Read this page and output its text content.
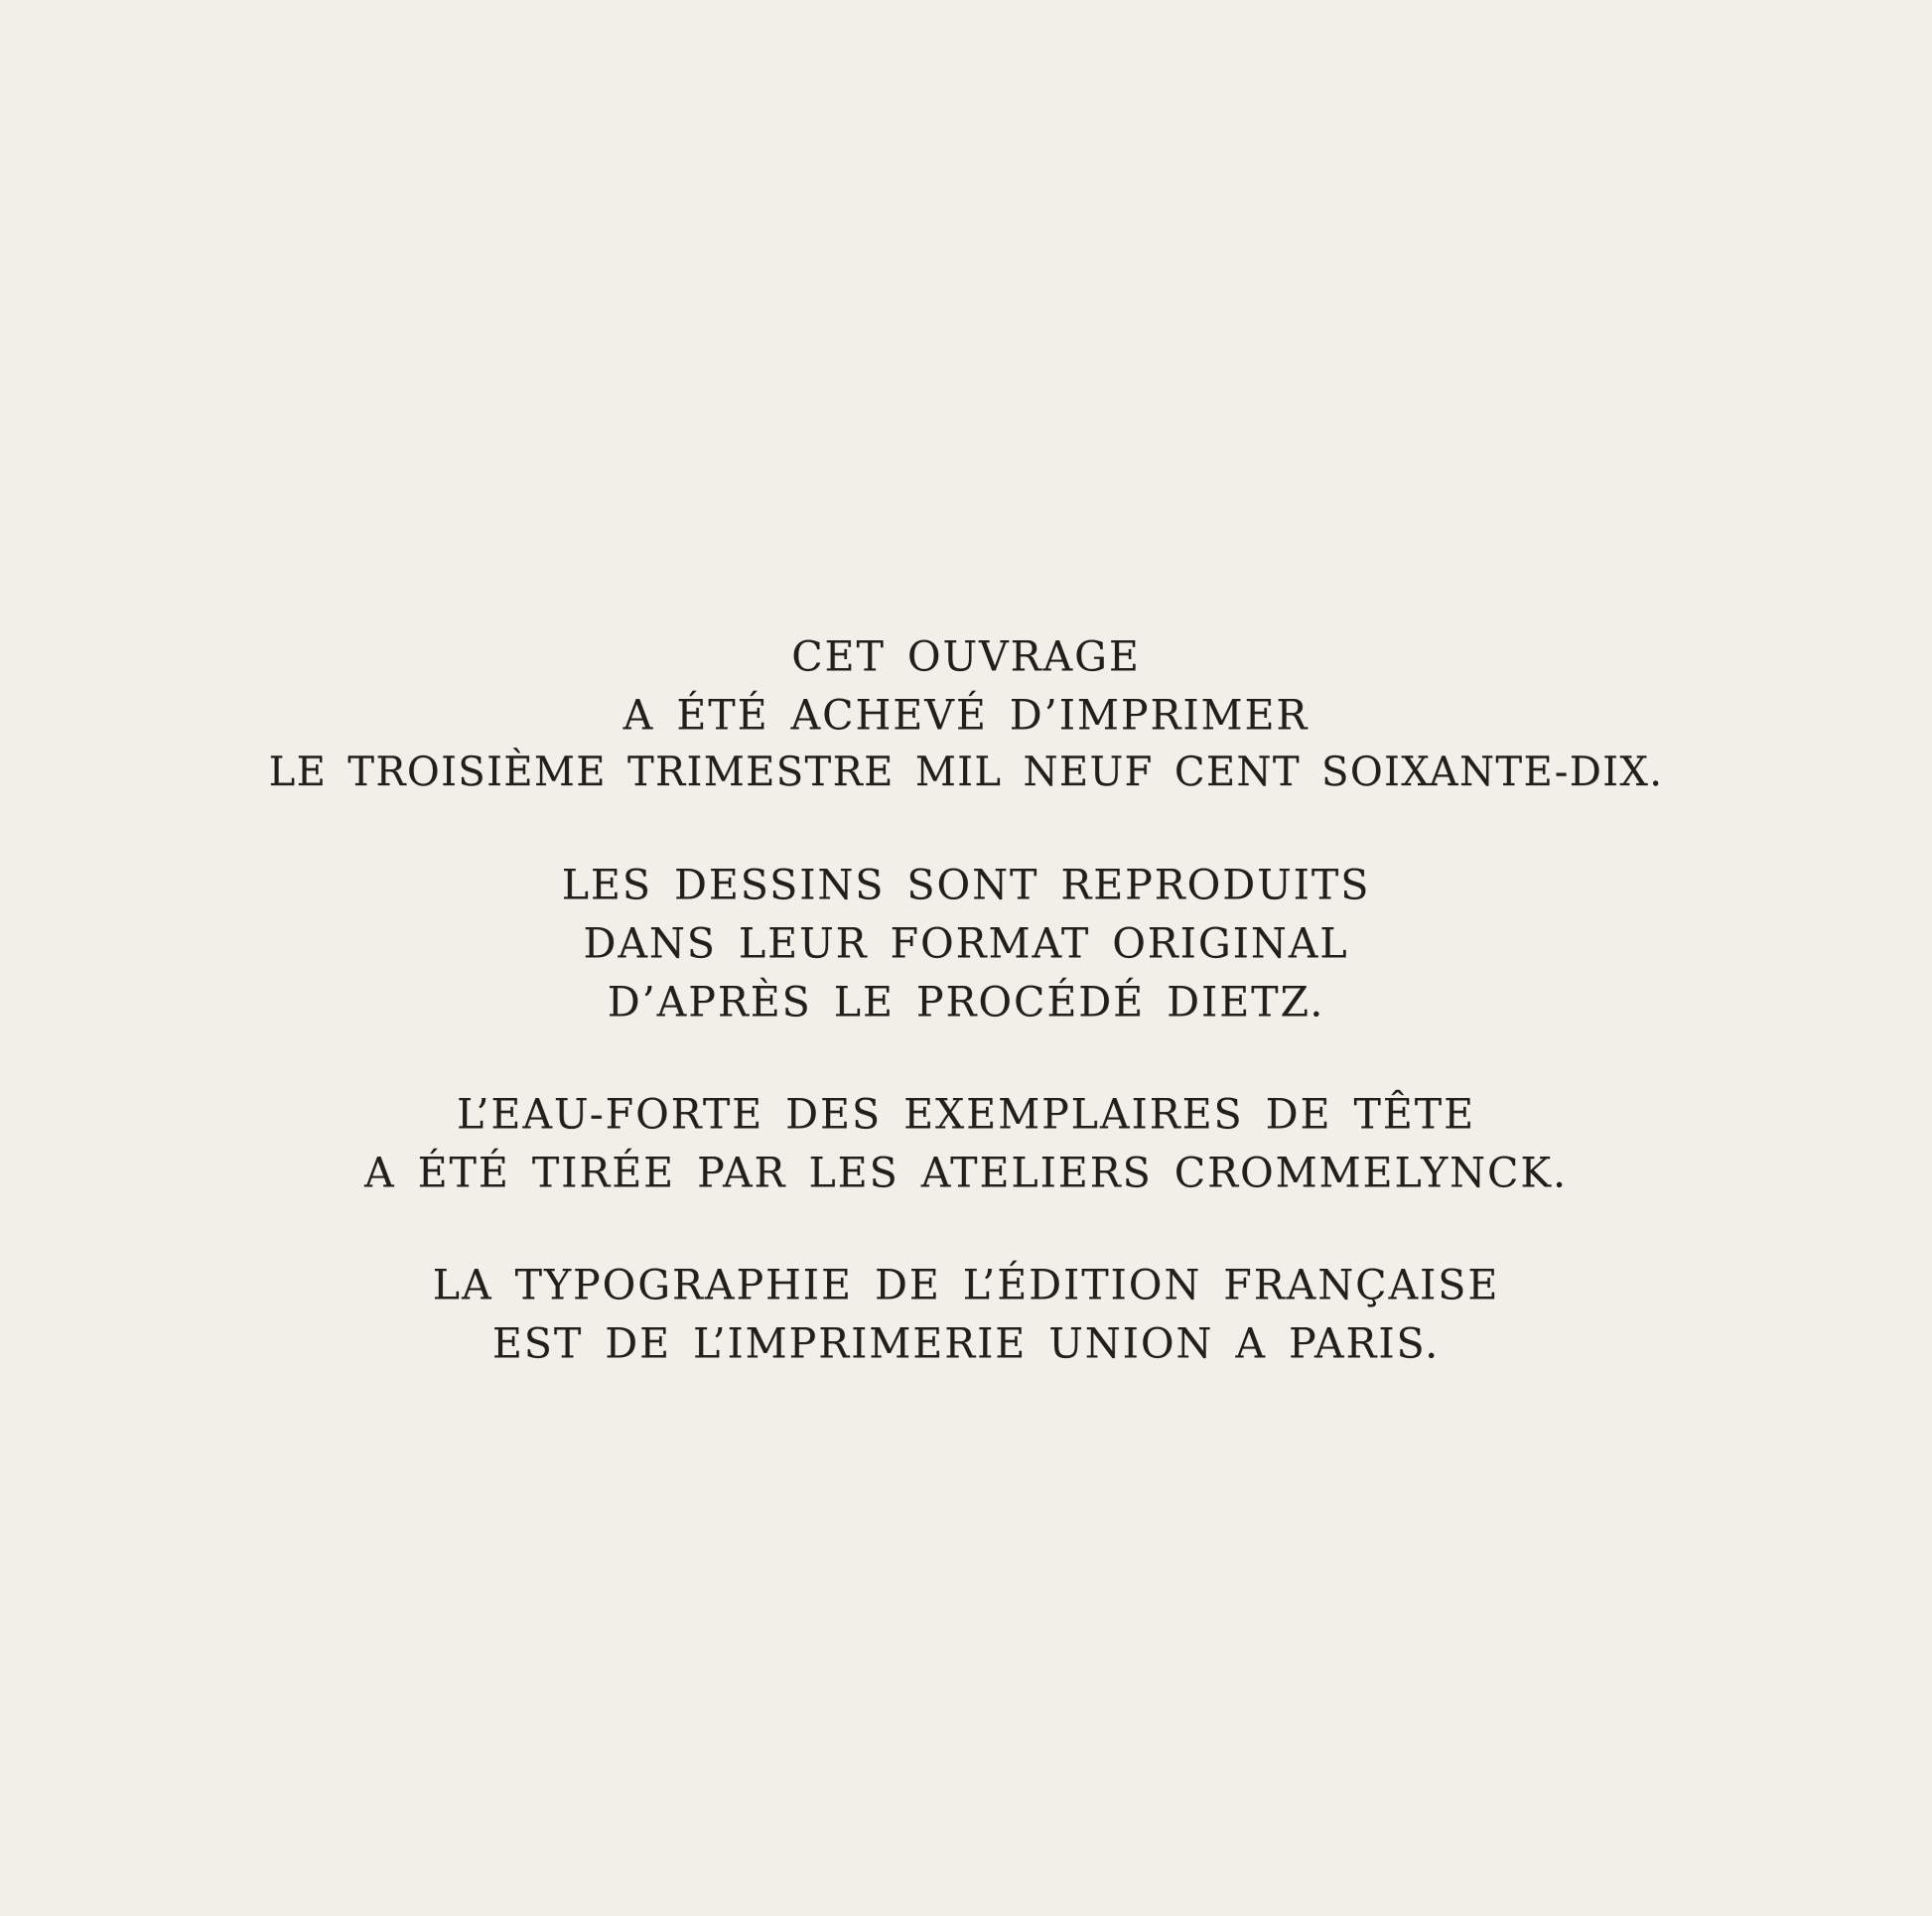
CET OUVRAGE
A ÉTÉ ACHEVÉ D’IMPRIMER
LE TROISIÈME TRIMESTRE MIL NEUF CENT SOIXANTE-DIX.
LES DESSINS SONT REPRODUITS
DANS LEUR FORMAT ORIGINAL
D’APRÈS LE PROCÉDÉ DIETZ.
L’EAU-FORTE DES EXEMPLAIRES DE TÊTE
A ÉTÉ TIRÉE PAR LES ATELIERS CROMMELYNCK.
LA TYPOGRAPHIE DE L’ÉDITION FRANÇAISE
EST DE L’IMPRIMERIE UNION A PARIS.
